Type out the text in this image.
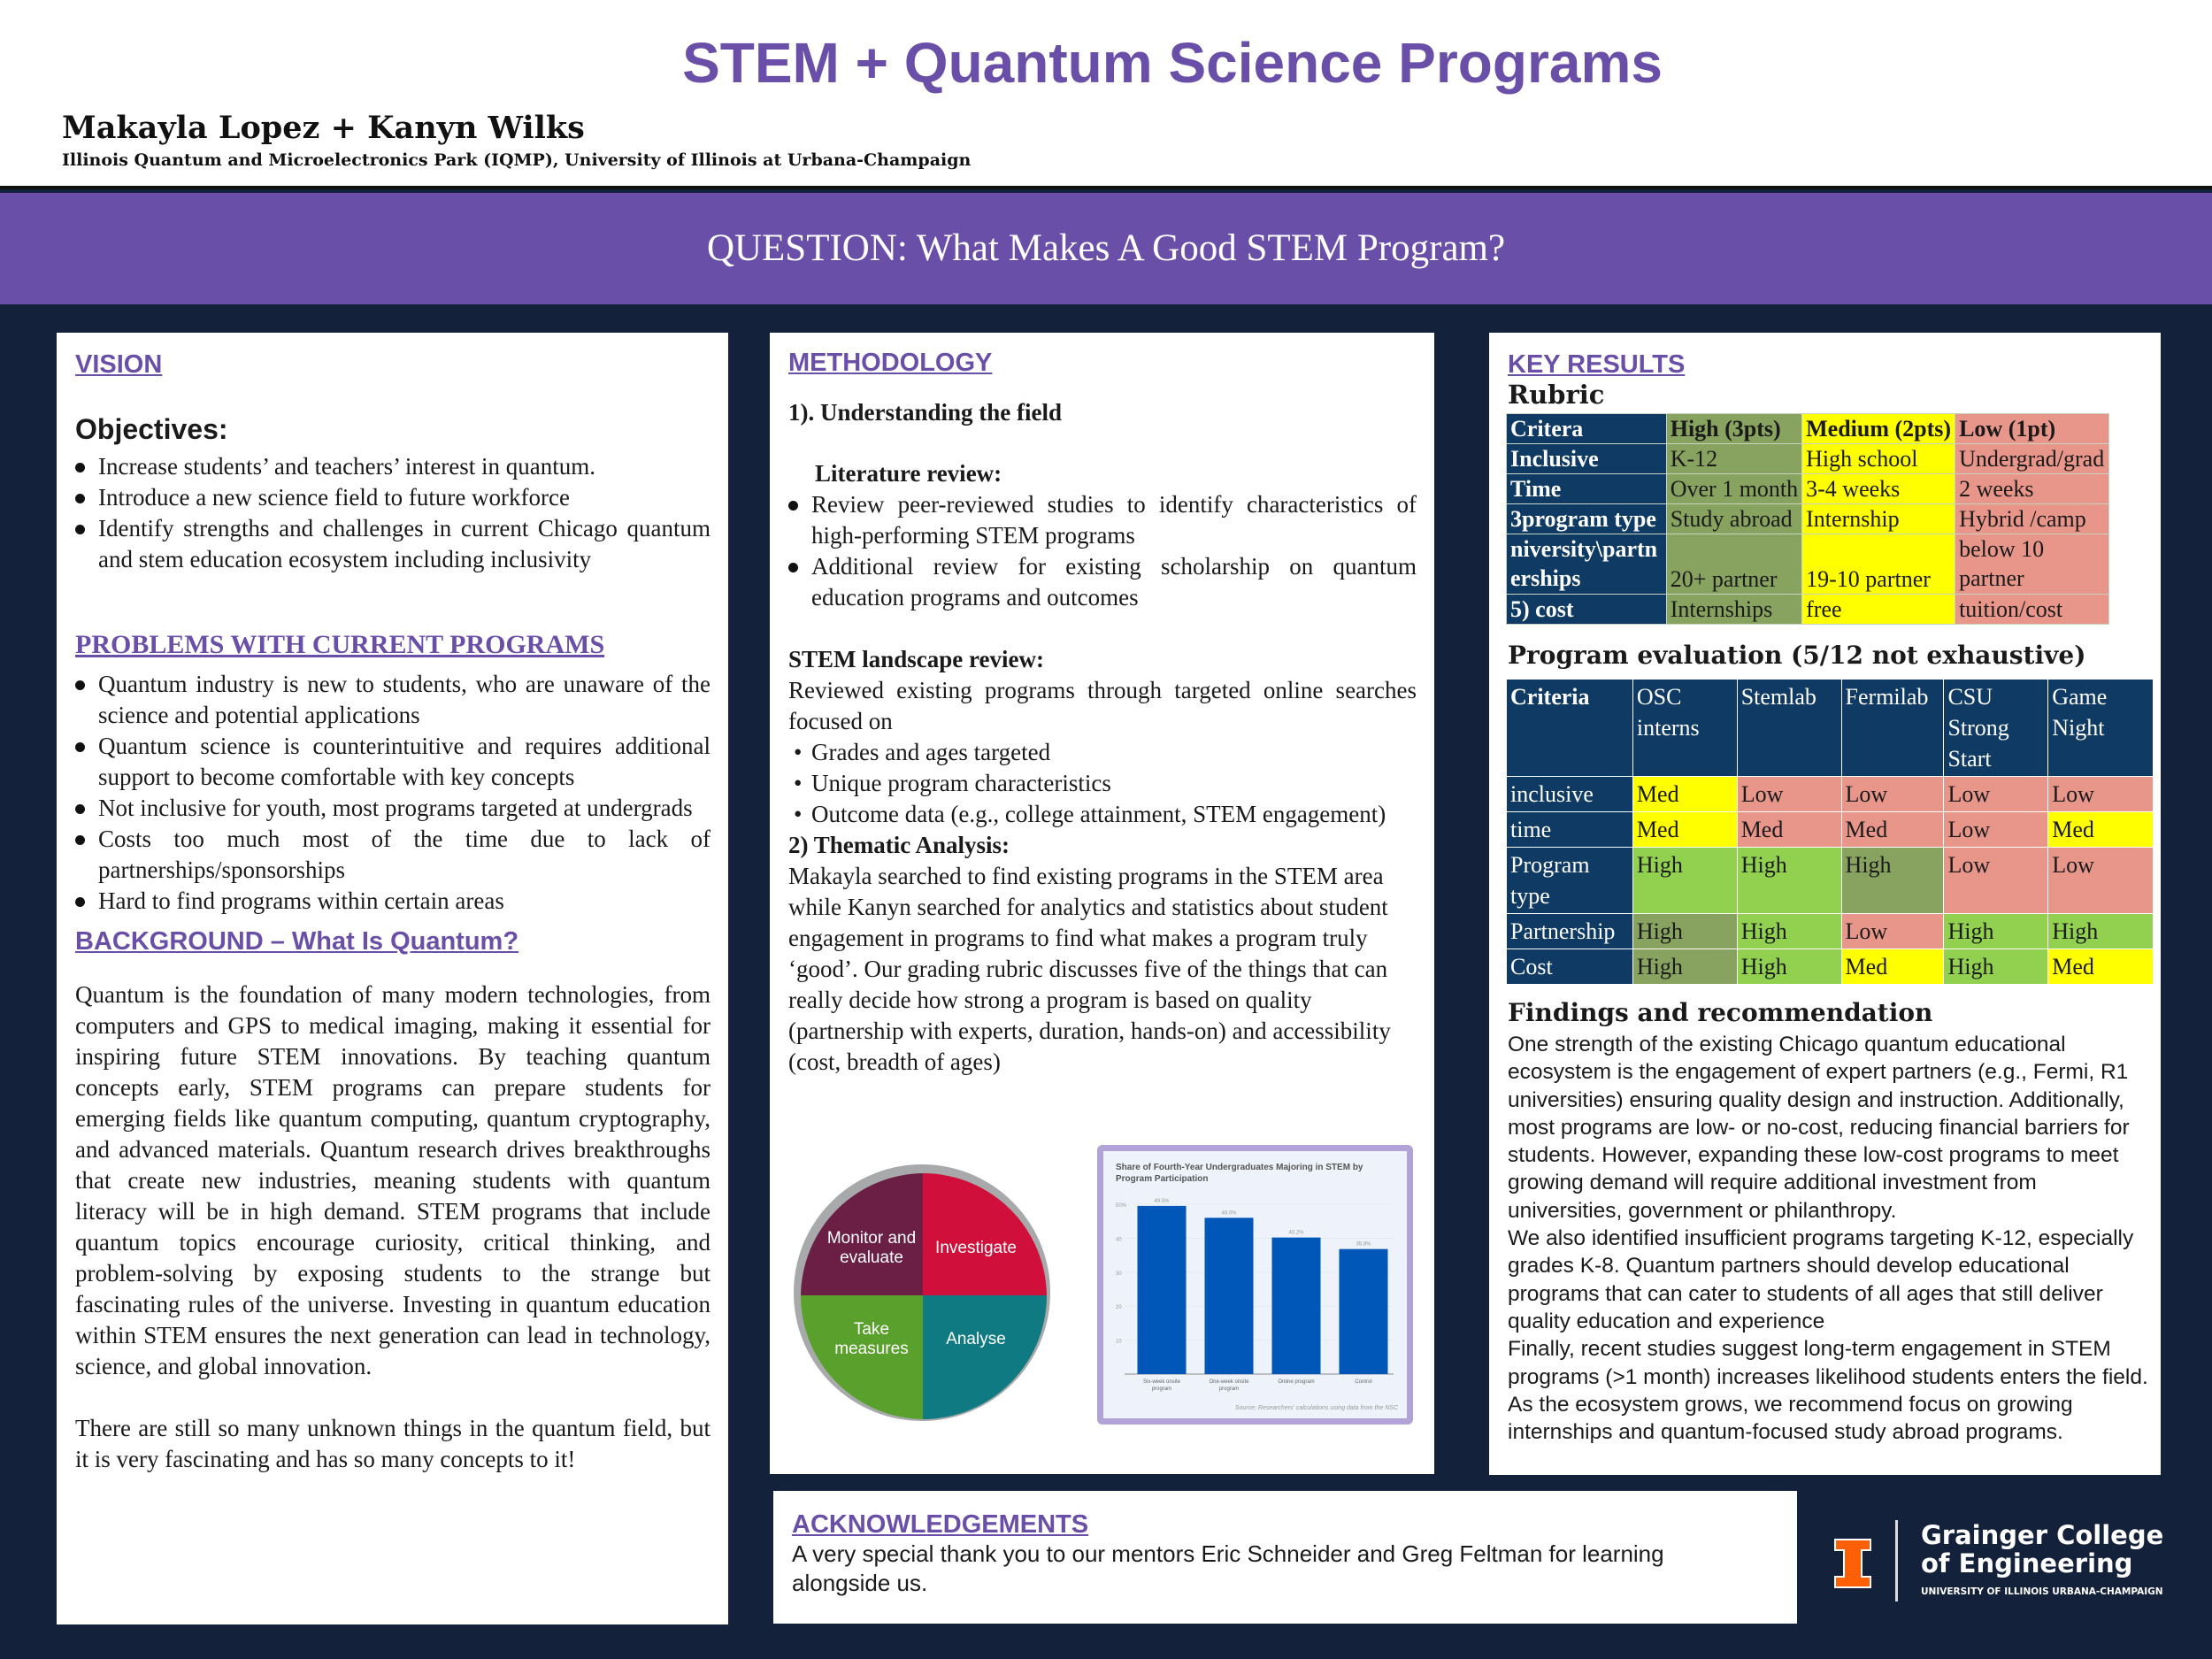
STEM + Quantum Science Programs
Makayla Lopez + Kanyn Wilks
Illinois Quantum and Microelectronics Park (IQMP), University of Illinois at Urbana-Champaign
QUESTION: What Makes A Good STEM Program?
VISION
Objectives:
Increase students’ and teachers’ interest in quantum.
Introduce a new science field to future workforce
Identify strengths and challenges in current Chicago quantum and stem education ecosystem including inclusivity
PROBLEMS WITH CURRENT PROGRAMS
Quantum industry is new to students, who are unaware of the science and potential applications
Quantum science is counterintuitive and requires additional support to become comfortable with key concepts
Not inclusive for youth, most programs targeted at undergrads
Costs too much most of the time due to lack of partnerships/sponsorships
Hard to find programs within certain areas
BACKGROUND – What Is Quantum?

Quantum is the foundation of many modern technologies, from computers and GPS to medical imaging, making it essential for inspiring future STEM innovations. By teaching quantum concepts early, STEM programs can prepare students for emerging fields like quantum computing, quantum cryptography, and advanced materials. Quantum research drives breakthroughs that create new industries, meaning students with quantum literacy will be in high demand. STEM programs that include quantum topics encourage curiosity, critical thinking, and problem-solving by exposing students to the strange but fascinating rules of the universe. Investing in quantum education within STEM ensures the next generation can lead in technology, science, and global innovation.

There are still so many unknown things in the quantum field, but it is very fascinating and has so many concepts to it!

METHODOLOGY
1). Understanding the field
Literature review:
Review peer-reviewed studies to identify characteristics of high-performing STEM programs
Additional review for existing scholarship on quantum education programs and outcomes
STEM landscape review:

Reviewed existing programs through targeted online searches focused on

• Grades and ages targeted
• Unique program characteristics
• Outcome data (e.g., college attainment, STEM engagement)
2) Thematic Analysis:

Makayla searched to find existing programs in the STEM area while Kanyn searched for analytics and statistics about student engagement in programs to find what makes a program truly ‘good’. Our grading rubric discusses five of the things that can really decide how strong a program is based on quality (partnership with experts, duration, hands-on) and accessibility (cost, breadth of ages)

Monitor and evaluate
Investigate
Take measures
Analyse
Share of Fourth-Year Undergraduates Majoring in STEM by Program Participation
50%
40
30
20
10
49.5%
Six-week onsite program
46.0%
One-week onsite program
40.2%
Online program
36.8%
Control
Source: Researchers' calculations using data from the NSC
KEY RESULTS
Rubric
Critera	High (3pts)	Medium (2pts)	Low (1pt)
Inclusive	K-12	High school	Undergrad/grad
Time	Over 1 month	3-4 weeks	2 weeks
3program type	Study abroad	Internship	Hybrid /camp
niversity\partn erships	20+ partner	19-10 partner	below 10 partner
5) cost	Internships	free	tuition/cost
Program evaluation (5/12 not exhaustive)
Criteria	OSC interns	Stemlab	Fermilab	CSU Strong Start	Game Night
inclusive	Med	Low	Low	Low	Low
time	Med	Med	Med	Low	Med
Program type	High	High	High	Low	Low
Partnership	High	High	Low	High	High
Cost	High	High	Med	High	Med
Findings and recommendation

One strength of the existing Chicago quantum educational ecosystem is the engagement of expert partners (e.g., Fermi, R1 universities) ensuring quality design and instruction. Additionally, most programs are low- or no-cost, reducing financial barriers for students. However, expanding these low-cost programs to meet growing demand will require additional investment from universities, government or philanthropy.

We also identified insufficient programs targeting K-12, especially grades K-8. Quantum partners should develop educational programs that can cater to students of all ages that still deliver quality education and experience

Finally, recent studies suggest long-term engagement in STEM programs (>1 month) increases likelihood students enters the field. As the ecosystem grows, we recommend focus on growing internships and quantum-focused study abroad programs.

ACKNOWLEDGEMENTS
A very special thank you to our mentors Eric Schneider and Greg Feltman for learning alongside us.
Grainger College
of Engineering
UNIVERSITY OF ILLINOIS URBANA-CHAMPAIGN
